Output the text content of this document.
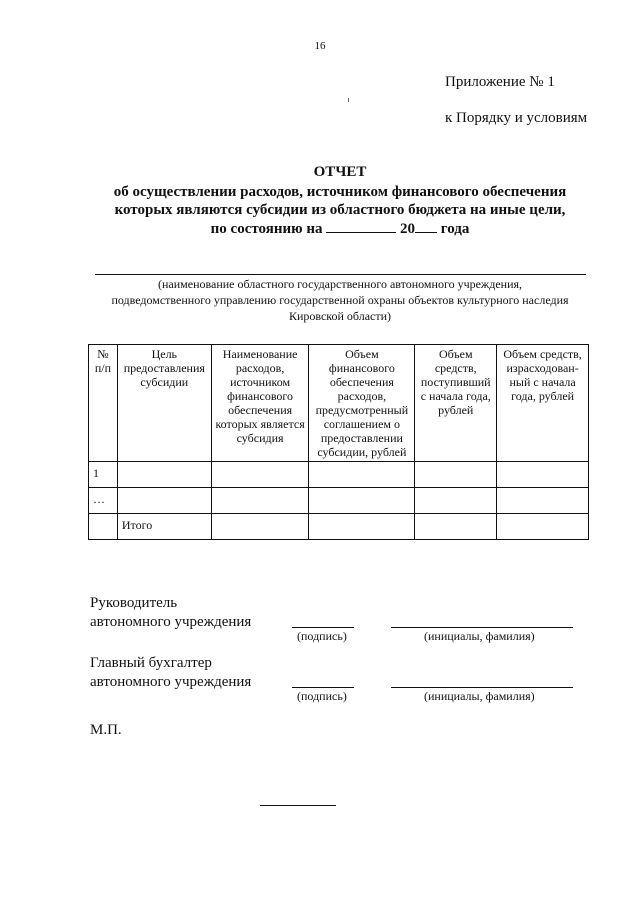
16
Приложение № 1
к Порядку и условиям
ОТЧЕТ
об осуществлении расходов, источником финансового обеспечения
которых являются субсидии из областного бюджета на иные цели,
по состоянию на	20 года
(наименование областного государственного автономного учреждения,
подведомственного управлению государственной охраны объектов культурного наследия
Кировской области)
№ п/п	Цель предоставления субсидии	Наименование расходов, источником финансового обеспечения которых является субсидия	Объем финансового обеспечения расходов, предусмотренный соглашением о предоставлении субсидии, рублей	Объем средств, поступивший с начала года, рублей	Объем средств, израсходован-ный с начала года, рублей
1					
…					
	Итого				
Руководитель
автономного учреждения
(подпись)	(инициалы, фамилия)
Главный бухгалтер
автономного учреждения
(подпись)	(инициалы, фамилия)
М.П.
